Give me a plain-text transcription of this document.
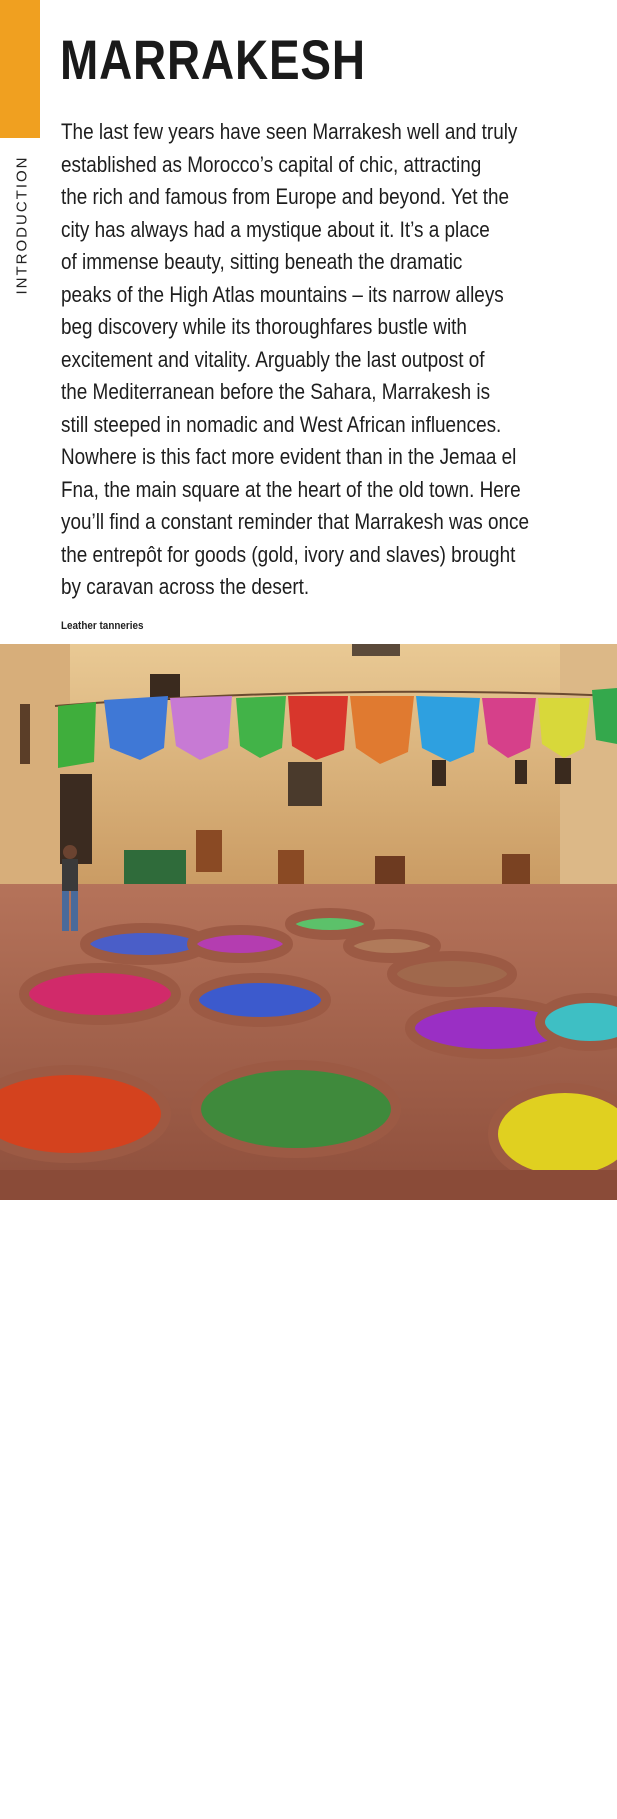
INTRODUCTION
MARRAKESH

The last few years have seen Marrakesh well and truly
established as Morocco’s capital of chic, attracting
the rich and famous from Europe and beyond. Yet the
city has always had a mystique about it. It’s a place
of immense beauty, sitting beneath the dramatic
peaks of the High Atlas mountains – its narrow alleys
beg discovery while its thoroughfares bustle with
excitement and vitality. Arguably the last outpost of
the Mediterranean before the Sahara, Marrakesh is
still steeped in nomadic and West African influences.
Nowhere is this fact more evident than in the Jemaa el
Fna, the main square at the heart of the old town. Here
you’ll find a constant reminder that Marrakesh was once
the entrepôt for goods (gold, ivory and slaves) brought
by caravan across the desert.

Leather tanneries
Copyrighted Material
